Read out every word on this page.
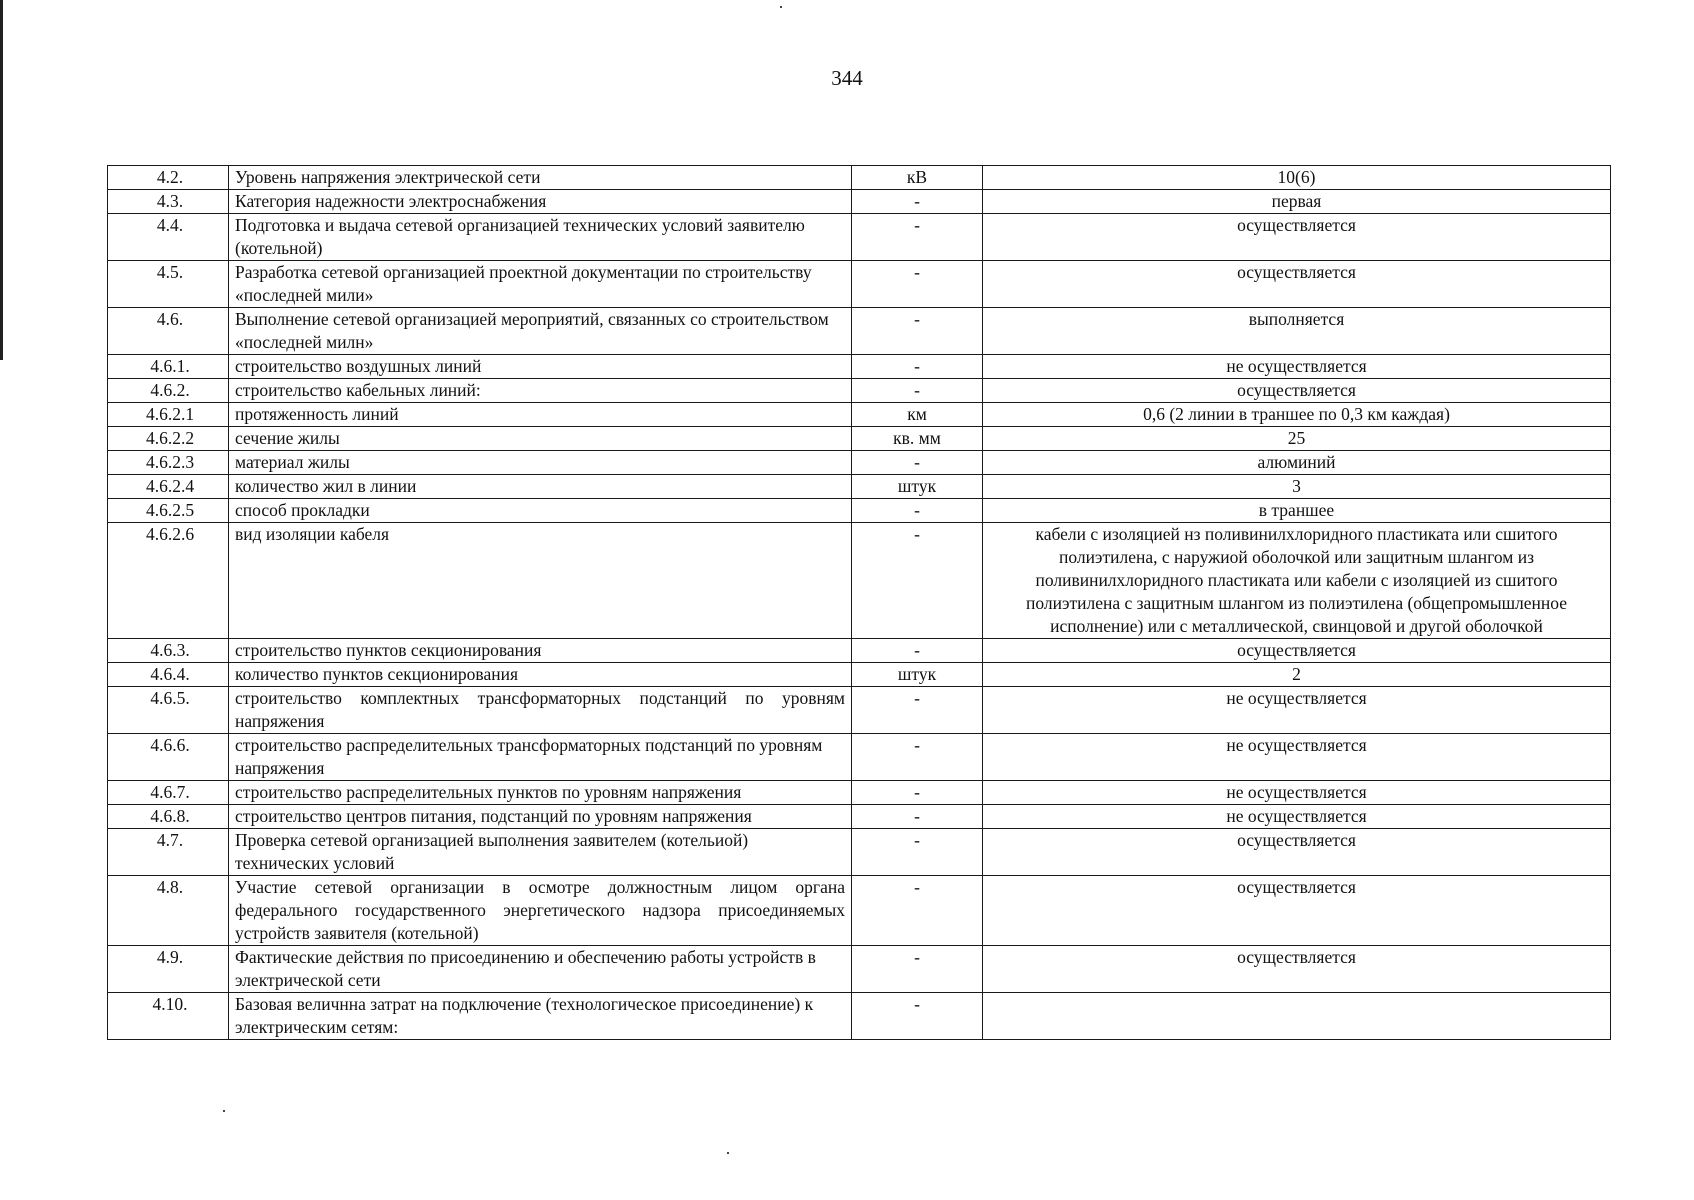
344
4.2.	Уровень напряжения электрической сети	кВ	10(6)
4.3.	Категория надежности электроснабжения	-	первая
4.4.	Подготовка и выдача сетевой организацией технических условий заявителю (котельной)	-	осуществляется
4.5.	Разработка сетевой организацией проектной документации по строительству «последней мили»	-	осуществляется
4.6.	Выполнение сетевой организацией мероприятий, связанных со строительством «последней милн»	-	выполняется
4.6.1.	строительство воздушных линий	-	не осуществляется
4.6.2.	строительство кабельных линий:	-	осуществляется
4.6.2.1	протяженность линий	км	0,6 (2 линии в траншее по 0,3 км каждая)
4.6.2.2	сечение жилы	кв. мм	25
4.6.2.3	материал жилы	-	алюминий
4.6.2.4	количество жил в линии	штук	3
4.6.2.5	способ прокладки	-	в траншее
4.6.2.6	вид изоляции кабеля	-	кабели с изоляцией нз поливинилхлоридного пластиката или сшитого полиэтилена, с наружиой оболочкой или защитным шлангом из поливинилхлоридного пластиката или кабели с изоляцией из сшитого полиэтилена с защитным шлангом из полиэтилена (общепромышленное исполнение) или с металлической, свинцовой и другой оболочкой
4.6.3.	строительство пунктов секционирования	-	осуществляется
4.6.4.	количество пунктов секционирования	штук	2
4.6.5.	строительство комплектных трансформаторных подстанций по уровням напряжения	-	не осуществляется
4.6.6.	строительство распределительных трансформаторных подстанций по уровням напряжения	-	не осуществляется
4.6.7.	строительство распределительных пунктов по уровням напряжения	-	не осуществляется
4.6.8.	строительство центров питания, подстанций по уровням напряжения	-	не осуществляется
4.7.	Проверка сетевой организацией выполнения заявителем (котельиой) технических условий	-	осуществляется
4.8.	Участие сетевой организации в осмотре должностным лицом органа федерального государственного энергетического надзора присоединяемых устройств заявителя (котельной)	-	осуществляется
4.9.	Фактические действия по присоединению и обеспечению работы устройств в электрической сети	-	осуществляется
4.10.	Базовая величнна затрат на подключение (технологическое присоединение) к электрическим сетям:	-	
